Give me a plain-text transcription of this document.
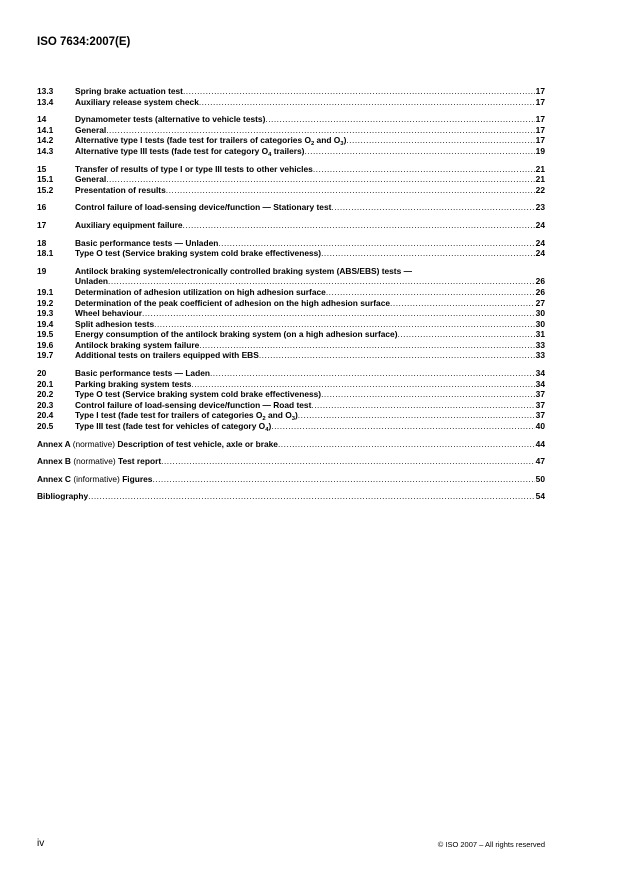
ISO 7634:2007(E)
13.3	Spring brake actuation test .....	17
13.4	Auxiliary release system check .....	17
14	Dynamometer tests (alternative to vehicle tests) .....	17
14.1	General .....	17
14.2	Alternative type I tests (fade test for trailers of categories $O_2$ and $O_3$) .....	17
14.3	Alternative type III tests (fade test for category $O_4$ trailers) .....	19
15	Transfer of results of type I or type III tests to other vehicles .....	21
15.1	General .....	21
15.2	Presentation of results .....	22
16	Control failure of load-sensing device/function — Stationary test .....	23
17	Auxiliary equipment failure .....	24
18	Basic performance tests — Unladen .....	24
18.1	Type O test (Service braking system cold brake effectiveness) .....	24
19	Antilock braking system/electronically controlled braking system (ABS/EBS) tests —
Unladen .....	26
19.1	Determination of adhesion utilization on high adhesion surface .....	26
19.2	Determination of the peak coefficient of adhesion on the high adhesion surface .....	27
19.3	Wheel behaviour .....	30
19.4	Split adhesion tests .....	30
19.5	Energy consumption of the antilock braking system (on a high adhesion surface) .....	31
19.6	Antilock braking system failure .....	33
19.7	Additional tests on trailers equipped with EBS .....	33
20	Basic performance tests — Laden .....	34
20.1	Parking braking system tests .....	34
20.2	Type O test (Service braking system cold brake effectiveness) .....	37
20.3	Control failure of load-sensing device/function — Road test .....	37
20.4	Type I test (fade test for trailers of categories $O_2$ and $O_3$) .....	37
20.5	Type III test (fade test for vehicles of category $O_4$) .....	40
Annex A (normative) Description of test vehicle, axle or brake .....	44
Annex B (normative) Test report .....	47
Annex C (informative) Figures .....	50
Bibliography .....	54
iv	© ISO 2007 – All rights reserved
